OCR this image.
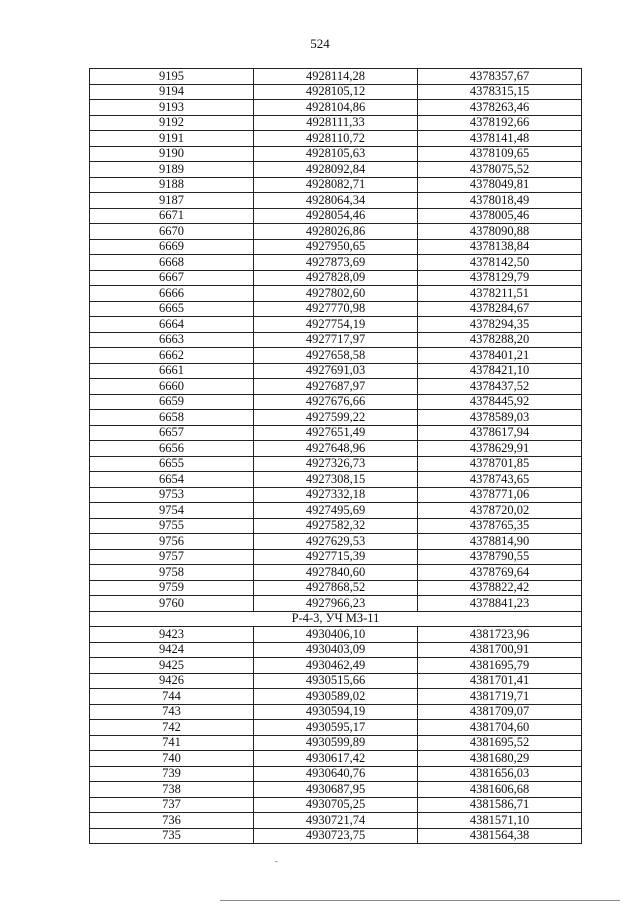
524
9195	4928114,28	4378357,67
9194	4928105,12	4378315,15
9193	4928104,86	4378263,46
9192	4928111,33	4378192,66
9191	4928110,72	4378141,48
9190	4928105,63	4378109,65
9189	4928092,84	4378075,52
9188	4928082,71	4378049,81
9187	4928064,34	4378018,49
6671	4928054,46	4378005,46
6670	4928026,86	4378090,88
6669	4927950,65	4378138,84
6668	4927873,69	4378142,50
6667	4927828,09	4378129,79
6666	4927802,60	4378211,51
6665	4927770,98	4378284,67
6664	4927754,19	4378294,35
6663	4927717,97	4378288,20
6662	4927658,58	4378401,21
6661	4927691,03	4378421,10
6660	4927687,97	4378437,52
6659	4927676,66	4378445,92
6658	4927599,22	4378589,03
6657	4927651,49	4378617,94
6656	4927648,96	4378629,91
6655	4927326,73	4378701,85
6654	4927308,15	4378743,65
9753	4927332,18	4378771,06
9754	4927495,69	4378720,02
9755	4927582,32	4378765,35
9756	4927629,53	4378814,90
9757	4927715,39	4378790,55
9758	4927840,60	4378769,64
9759	4927868,52	4378822,42
9760	4927966,23	4378841,23
Р-4-3, УЧ МЗ-11		
9423	4930406,10	4381723,96
9424	4930403,09	4381700,91
9425	4930462,49	4381695,79
9426	4930515,66	4381701,41
744	4930589,02	4381719,71
743	4930594,19	4381709,07
742	4930595,17	4381704,60
741	4930599,89	4381695,52
740	4930617,42	4381680,29
739	4930640,76	4381656,03
738	4930687,95	4381606,68
737	4930705,25	4381586,71
736	4930721,74	4381571,10
735	4930723,75	4381564,38
-
